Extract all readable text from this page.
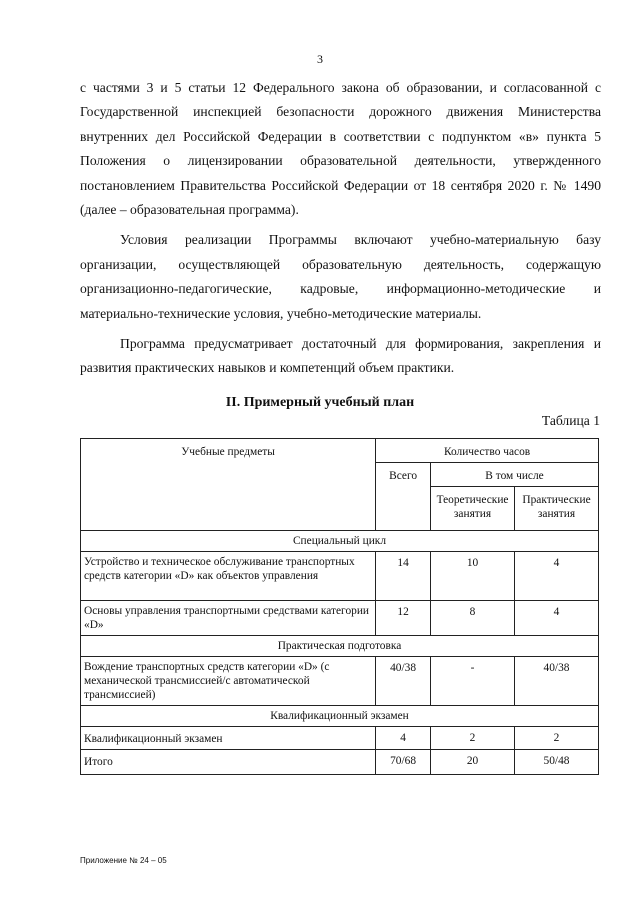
3

с частями 3 и 5 статьи 12 Федерального закона об образовании, и согласованной с Государственной инспекцией безопасности дорожного движения Министерства внутренних дел Российской Федерации в соответствии с подпунктом «в» пункта 5 Положения о лицензировании образовательной деятельности, утвержденного постановлением Правительства Российской Федерации от 18 сентября 2020 г. № 1490 (далее – образовательная программа).

Условия реализации Программы включают учебно-материальную базу организации, осуществляющей образовательную деятельность, содержащую организационно-педагогические, кадровые, информационно-методические и материально-технические условия, учебно-методические материалы.

Программа предусматривает достаточный для формирования, закрепления и развития практических навыков и компетенций объем практики.

II. Примерный учебный план
Таблица 1
Учебные предметы	Количество часов		
	Всего	В том числе	
		Теоретические занятия	Практические занятия
Специальный цикл			
Устройство и техническое обслуживание транспортных средств категории «D» как объектов управления	14	10	4
Основы управления транспортными средствами категории «D»	12	8	4
Практическая подготовка			
Вождение транспортных средств категории «D» (с механической трансмиссией/с автоматической трансмиссией)	40/38	-	40/38
Квалификационный экзамен			
Квалификационный экзамен	4	2	2
Итого	70/68	20	50/48
Приложение № 24 – 05
